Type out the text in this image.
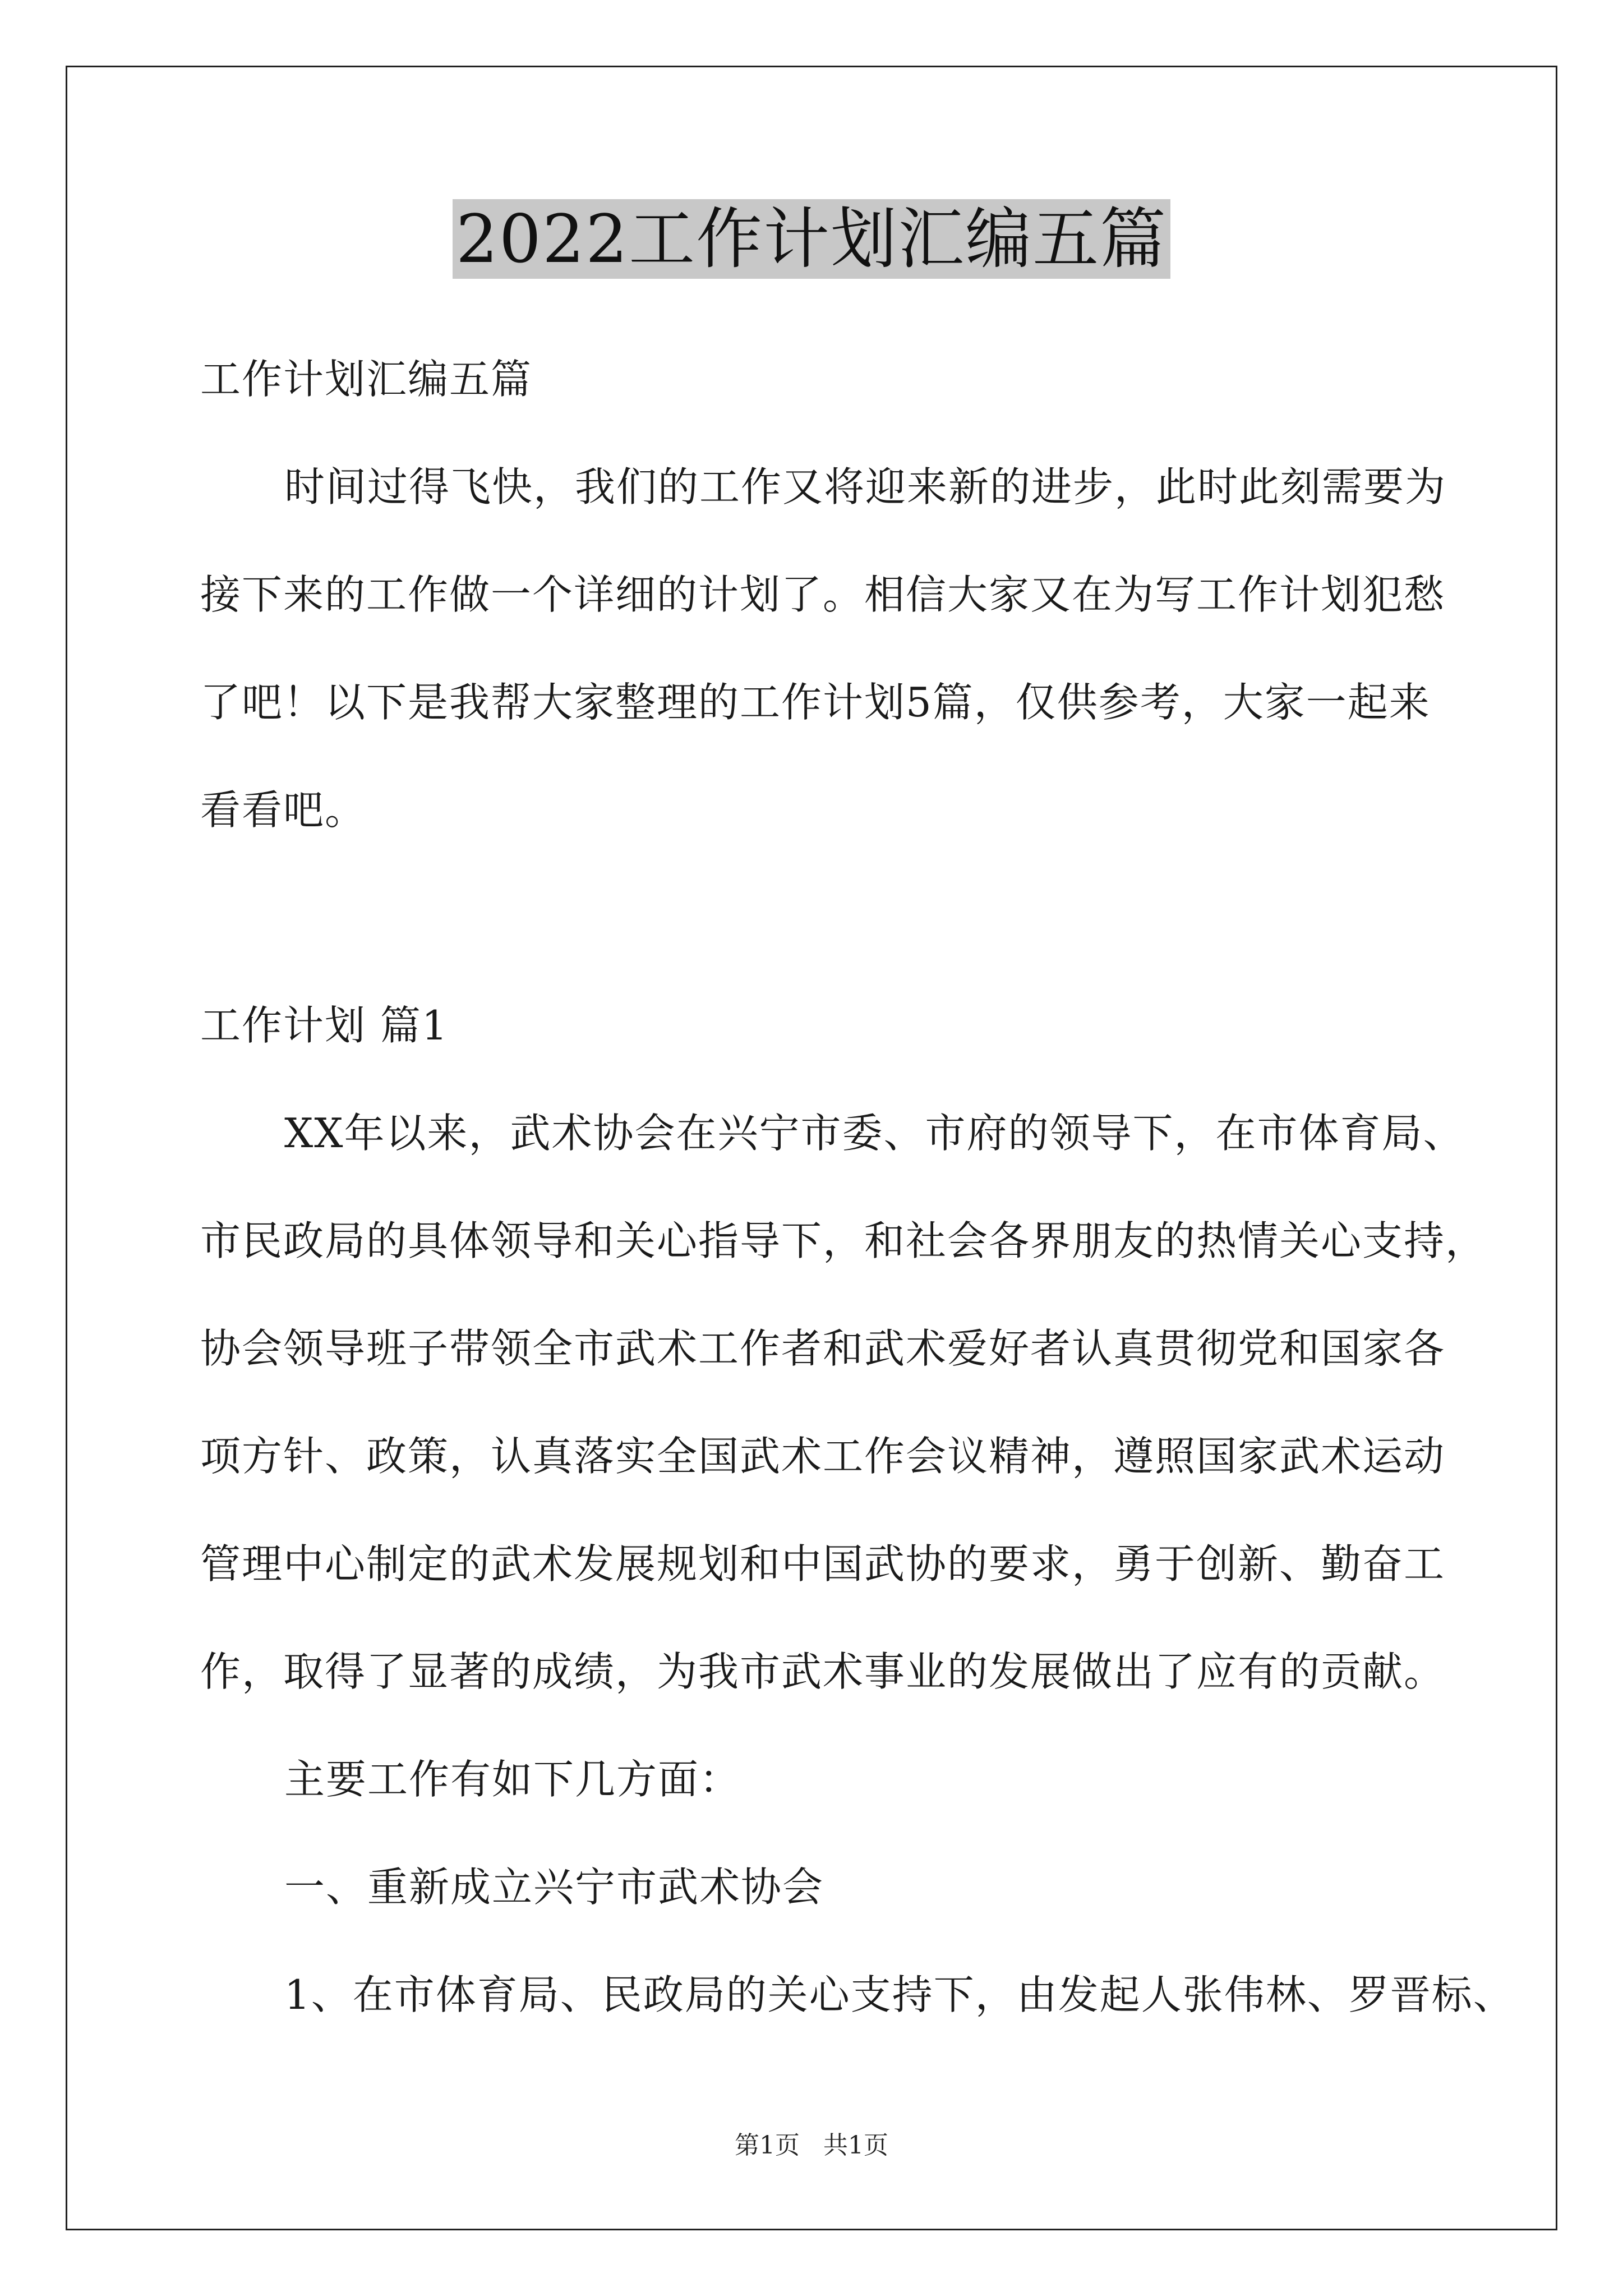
2022工作计划汇编五篇
工作计划汇编五篇
时间过得飞快，我们的工作又将迎来新的进步，此时此刻需要为
接下来的工作做一个详细的计划了。相信大家又在为写工作计划犯愁
了吧！以下是我帮大家整理的工作计划5篇，仅供参考，大家一起来
看看吧。
工作计划 篇1
XX年以来，武术协会在兴宁市委、市府的领导下，在市体育局、
市民政局的具体领导和关心指导下，和社会各界朋友的热情关心支持，
协会领导班子带领全市武术工作者和武术爱好者认真贯彻党和国家各
项方针、政策，认真落实全国武术工作会议精神，遵照国家武术运动
管理中心制定的武术发展规划和中国武协的要求，勇于创新、勤奋工
作，取得了显著的成绩，为我市武术事业的发展做出了应有的贡献。
主要工作有如下几方面：
一、重新成立兴宁市武术协会
1、在市体育局、民政局的关心支持下，由发起人张伟林、罗晋标、
第1页 共1页
